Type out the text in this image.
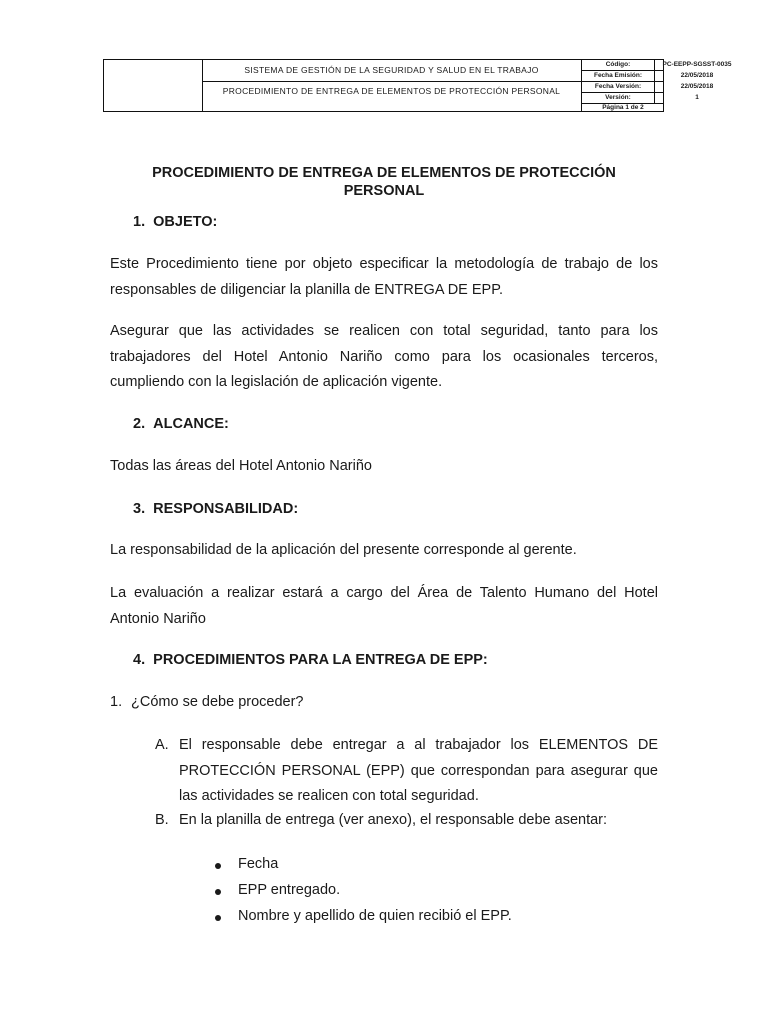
SISTEMA DE GESTIÓN DE LA SEGURIDAD Y SALUD EN EL TRABAJO
PROCEDIMIENTO DE ENTREGA DE ELEMENTOS DE PROTECCIÓN PERSONAL
Código:	PC-EEPP-SGSST-0035
Fecha Emisión:	22/05/2018
Fecha Versión:	22/05/2018
Versión:	1
Página 1 de 2
PROCEDIMIENTO DE ENTREGA DE ELEMENTOS DE PROTECCIÓN PERSONAL
1. OBJETO:
Este Procedimiento tiene por objeto especificar la metodología de trabajo de los responsables de diligenciar la planilla de ENTREGA DE EPP.
Asegurar que las actividades se realicen con total seguridad, tanto para los trabajadores del Hotel Antonio Nariño como para los ocasionales terceros, cumpliendo con la legislación de aplicación vigente.
2. ALCANCE:
Todas las áreas del Hotel Antonio Nariño
3. RESPONSABILIDAD:
La responsabilidad de la aplicación del presente corresponde al gerente.
La evaluación a realizar estará a cargo del Área de Talento Humano del Hotel Antonio Nariño
4. PROCEDIMIENTOS PARA LA ENTREGA DE EPP:
1. ¿Cómo se debe proceder?
A. El responsable debe entregar a al trabajador los ELEMENTOS DE PROTECCIÓN PERSONAL (EPP) que correspondan para asegurar que las actividades se realicen con total seguridad.
B. En la planilla de entrega (ver anexo), el responsable debe asentar:
Fecha
EPP entregado.
Nombre y apellido de quien recibió el EPP.
